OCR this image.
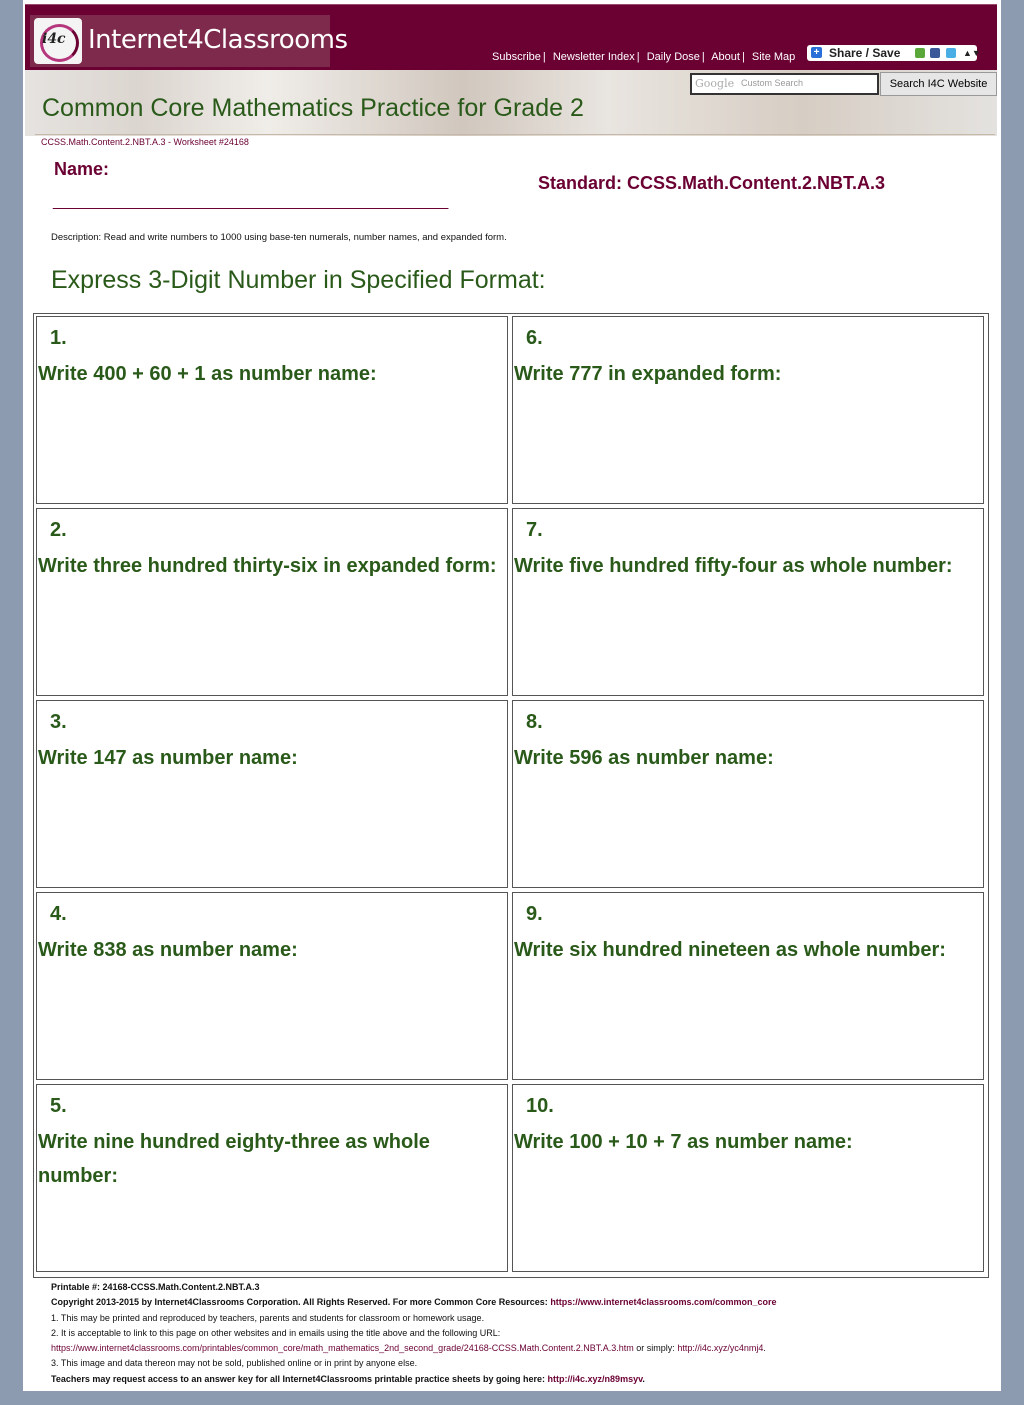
i4c Internet4Classrooms
Subscribe | Newsletter Index | Daily Dose | About | Site Map + Share / Save	▲▼
Google Custom Search	Search I4C Website
Common Core Mathematics Practice for Grade 2
CCSS.Math.Content.2.NBT.A.3 - Worksheet #24168
Name:
_______________________________________________
Standard: CCSS.Math.Content.2.NBT.A.3
Description: Read and write numbers to 1000 using base-ten numerals, number names, and expanded form.
Express 3-Digit Number in Specified Format:
1.
Write 400 + 60 + 1 as number name:
2.
Write three hundred thirty-six in expanded form:
3.
Write 147 as number name:
4.
Write 838 as number name:
5.
Write nine hundred eighty-three as whole number:
6.
Write 777 in expanded form:
7.
Write five hundred fifty-four as whole number:
8.
Write 596 as number name:
9.
Write six hundred nineteen as whole number:
10.
Write 100 + 10 + 7 as number name:
Printable #: 24168-CCSS.Math.Content.2.NBT.A.3
Copyright 2013-2015 by Internet4Classrooms Corporation. All Rights Reserved. For more Common Core Resources: https://www.internet4classrooms.com/common_core
1. This may be printed and reproduced by teachers, parents and students for classroom or homework usage.
2. It is acceptable to link to this page on other websites and in emails using the title above and the following URL:
https://www.internet4classrooms.com/printables/common_core/math_mathematics_2nd_second_grade/24168-CCSS.Math.Content.2.NBT.A.3.htm or simply: http://i4c.xyz/yc4nmj4.
3. This image and data thereon may not be sold, published online or in print by anyone else.
Teachers may request access to an answer key for all Internet4Classrooms printable practice sheets by going here: http://i4c.xyz/n89msyv.
